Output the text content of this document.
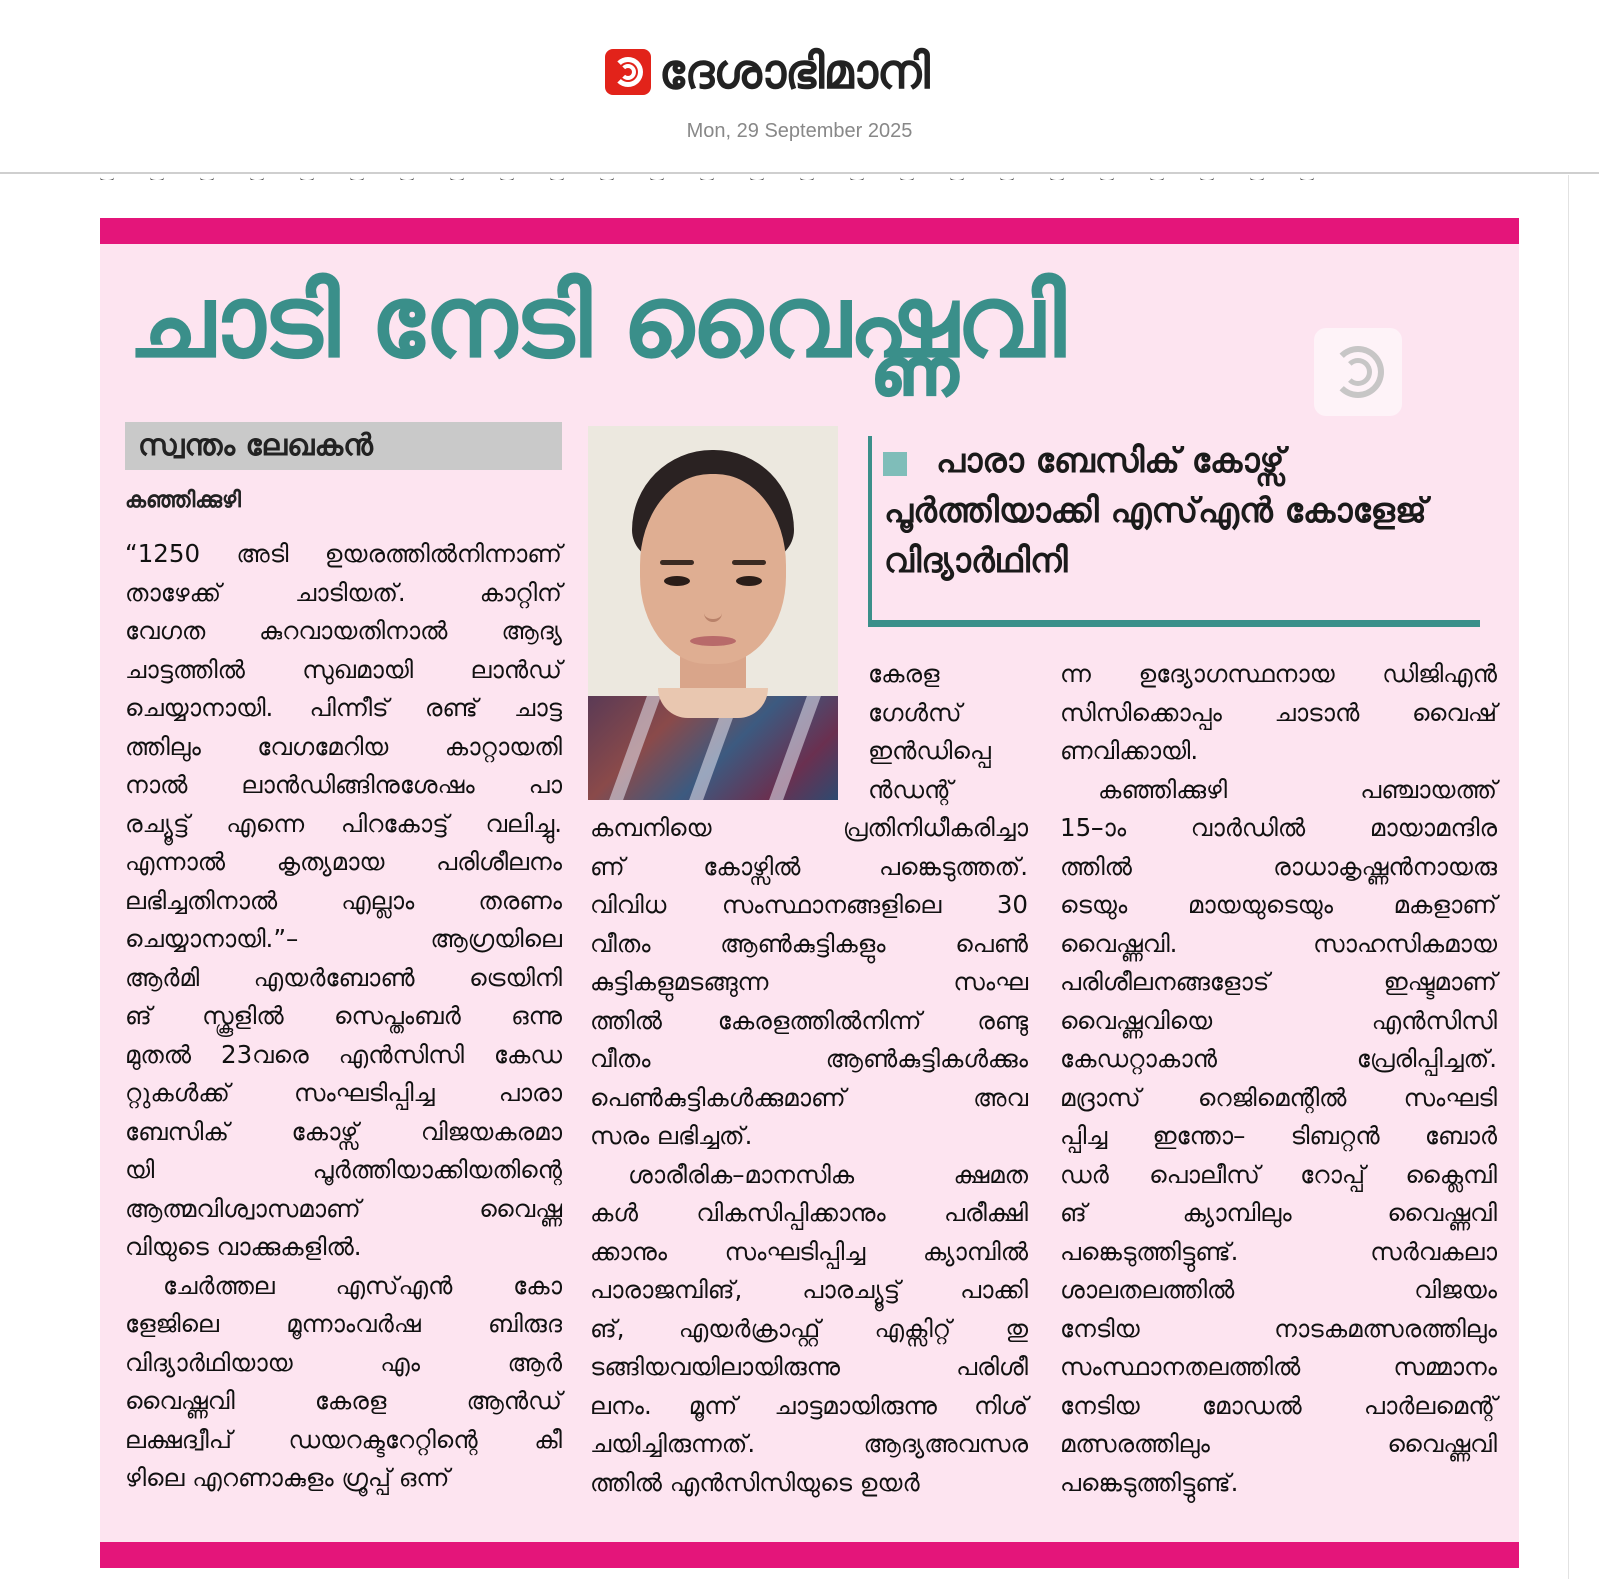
ദേശാഭിമാനി
Mon, 29 September 2025
ചാടി നേടി വൈഷ്ണവി
സ്വന്തം ലേഖകൻ
കഞ്ഞിക്കുഴി
പാരാ ബേസിക് കോഴ്സ് പൂർത്തിയാക്കി എസ്എൻ കോളേജ് വിദ്യാർഥിനി
“1250 അടി ഉയരത്തിൽനിന്നാണ്
താഴേക്ക് ചാടിയത്. കാറ്റിന്
വേഗത കുറവായതിനാൽ ആദ്യ
ചാട്ടത്തിൽ സുഖമായി ലാൻഡ്
ചെയ്യാനായി. പിന്നീട് രണ്ട് ചാട്ട
ത്തിലും വേഗമേറിയ കാറ്റായതി
നാൽ ലാൻഡിങ്ങിനുശേഷം പാ
രച്യൂട്ട് എന്നെ പിറകോട്ട് വലിച്ചു.
എന്നാൽ കൃത്യമായ പരിശീലനം
ലഭിച്ചതിനാൽ എല്ലാം തരണം
ചെയ്യാനായി.”– ആഗ്രയിലെ
ആർമി എയർബോൺ ട്രെയിനി
ങ് സ്കൂളിൽ സെപ്തംബർ ഒന്നു
മുതൽ 23വരെ എൻസിസി കേഡ
റ്റുകൾക്ക് സംഘടിപ്പിച്ച പാരാ
ബേസിക് കോഴ്സ് വിജയകരമാ
യി പൂർത്തിയാക്കിയതിന്റെ
ആത്മവിശ്വാസമാണ് വൈഷ്ണ
വിയുടെ വാക്കുകളിൽ.
ചേർത്തല എസ്എൻ കോ
ളേജിലെ മൂന്നാംവർഷ ബിരുദ
വിദ്യാർഥിയായ എം ആർ
വൈഷ്ണവി കേരള ആൻഡ്
ലക്ഷദ്വീപ് ഡയറക്ടറേറ്റിന്റെ കീ
ഴിലെ എറണാകുളം ഗ്രൂപ്പ് ഒന്ന്
കേരള
ഗേൾസ്
ഇൻഡിപ്പെ
ൻഡന്റ്
കമ്പനിയെ പ്രതിനിധീകരിച്ചാ
ണ് കോഴ്സിൽ പങ്കെടുത്തത്.
വിവിധ സംസ്ഥാനങ്ങളിലെ 30
വീതം ആൺകുട്ടികളും പെൺ
കുട്ടികളുമടങ്ങുന്ന സംഘ
ത്തിൽ കേരളത്തിൽനിന്ന് രണ്ടു
വീതം ആൺകുട്ടികൾക്കും
പെൺകുട്ടികൾക്കുമാണ് അവ
സരം ലഭിച്ചത്.
ശാരീരിക–മാനസിക ക്ഷമത
കൾ വികസിപ്പിക്കാനും പരീക്ഷി
ക്കാനും സംഘടിപ്പിച്ച ക്യാമ്പിൽ
പാരാജമ്പിങ്, പാരച്യൂട്ട് പാക്കി
ങ്, എയർക്രാഫ്റ്റ് എക്സിറ്റ് തു
ടങ്ങിയവയിലായിരുന്നു പരിശീ
ലനം. മൂന്ന് ചാട്ടമായിരുന്നു നിശ്
ചയിച്ചിരുന്നത്. ആദ്യഅവസര
ത്തിൽ എൻസിസിയുടെ ഉയർ
ന്ന ഉദ്യോഗസ്ഥനായ ഡിജിഎൻ
സിസിക്കൊപ്പം ചാടാൻ വൈഷ്
ണവിക്കായി.
കഞ്ഞിക്കുഴി പഞ്ചായത്ത്
15–ാം വാർഡിൽ മായാമന്ദിര
ത്തിൽ രാധാകൃഷ്ണൻനായരു
ടെയും മായയുടെയും മകളാണ്
വൈഷ്ണവി. സാഹസികമായ
പരിശീലനങ്ങളോട് ഇഷ്ടമാണ്
വൈഷ്ണവിയെ എൻസിസി
കേഡറ്റാകാൻ പ്രേരിപ്പിച്ചത്.
മദ്രാസ് റെജിമെന്റിൽ സംഘടി
പ്പിച്ച ഇന്തോ– ടിബറ്റൻ ബോർ
ഡർ പൊലീസ് റോപ്പ് ക്ലൈമ്പി
ങ് ക്യാമ്പിലും വൈഷ്ണവി
പങ്കെടുത്തിട്ടുണ്ട്. സർവകലാ
ശാലതലത്തിൽ വിജയം
നേടിയ നാടകമത്സരത്തിലും
സംസ്ഥാനതലത്തിൽ സമ്മാനം
നേടിയ മോഡൽ പാർലമെന്റ്
മത്സരത്തിലും വൈഷ്ണവി
പങ്കെടുത്തിട്ടുണ്ട്.
